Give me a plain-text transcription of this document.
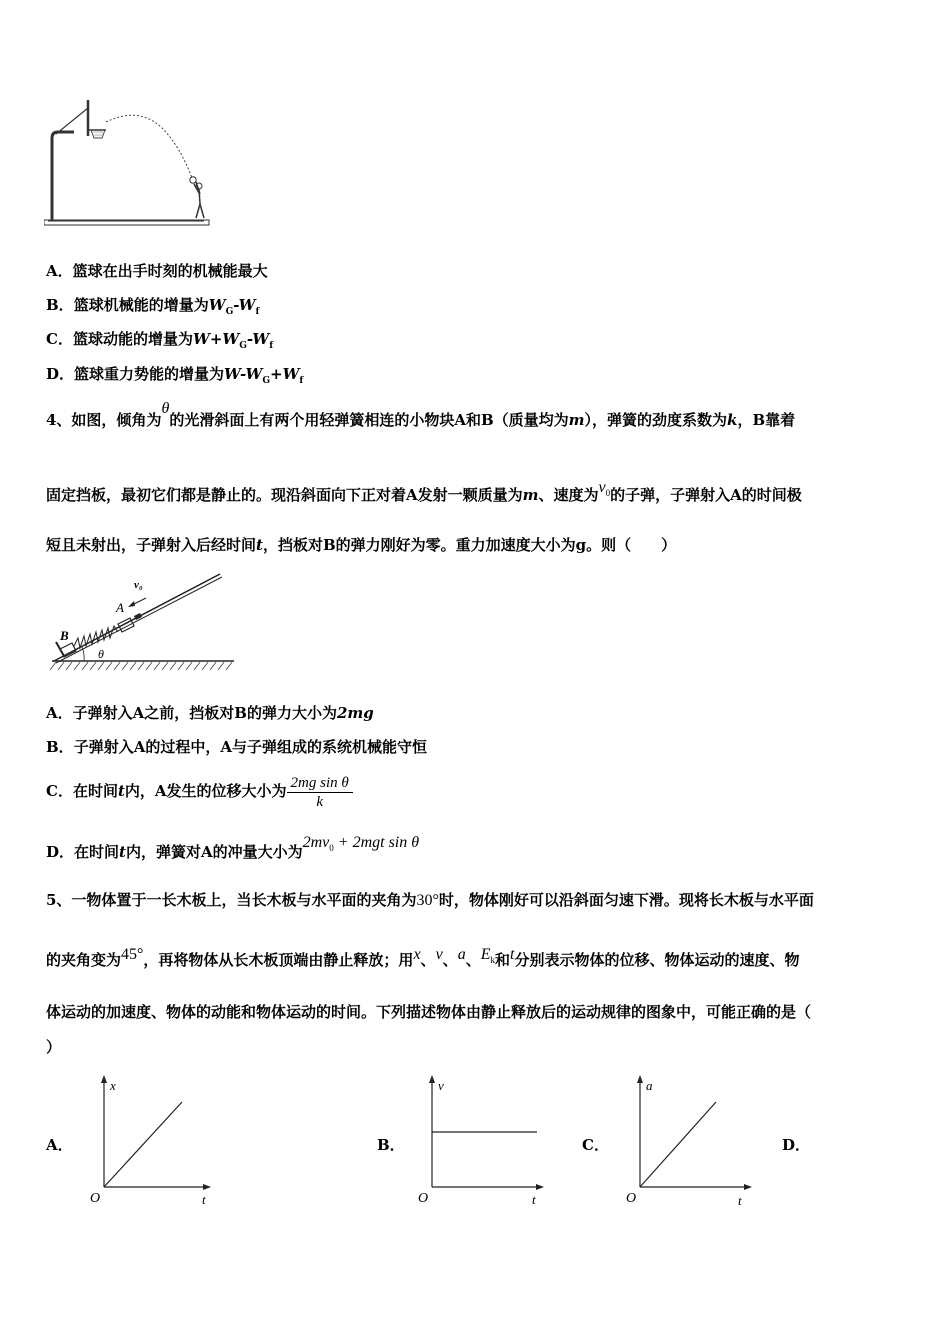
A．篮球在出手时刻的机械能最大
B．篮球机械能的增量为$W_G-W_f$
C．篮球动能的增量为$W+W_G-W_f$
D．篮球重力势能的增量为$W-W_G+W_f$
4、如图，倾角为θ的光滑斜面上有两个用轻弹簧相连的小物块A和B（质量均为m），弹簧的劲度系数为k，B靠着
固定挡板，最初它们都是静止的。现沿斜面向下正对着A发射一颗质量为m、速度为$v_0$的子弹，子弹射入A的时间极
短且未射出，子弹射入后经时间t，挡板对B的弹力刚好为零。重力加速度大小为g。则（　　）
v₀
A
B
θ
A．子弹射入A之前，挡板对B的弹力大小为2mg
B．子弹射入A的过程中，A与子弹组成的系统机械能守恒
C．在时间t内，A发生的位移大小为 $\frac{\text{2mg sin θ}}{k}$
D．在时间t内，弹簧对A的冲量大小为$2mv_0 + 2mgt$ sin θ
5、一物体置于一长木板上，当长木板与水平面的夹角为30°时，物体刚好可以沿斜面匀速下滑。现将长木板与水平面
的夹角变为45°，再将物体从长木板顶端由静止释放；用x、v、a、$E_k$和t分别表示物体的位移、物体运动的速度、物
体运动的加速度、物体的动能和物体运动的时间。下列描述物体由静止释放后的运动规律的图象中，可能正确的是（
）
A．
x
t
O
B．
v
t
O
C．
a
t
O
D．
